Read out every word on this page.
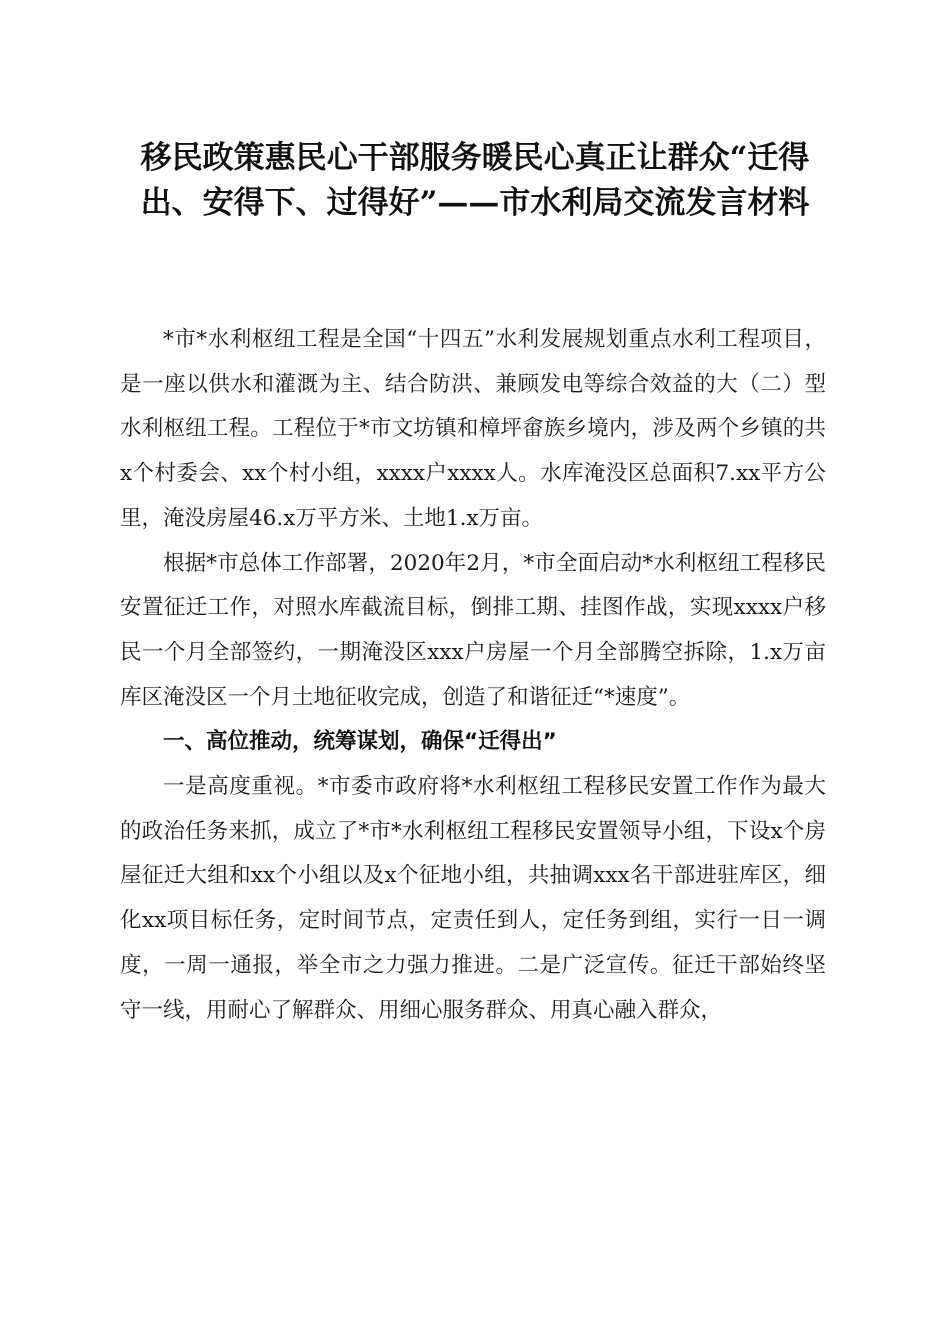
移民政策惠民心干部服务暖民心真正让群众“迁得出、安得下、过得好”——市水利局交流发言材料

*市*水利枢纽工程是全国“十四五”水利发展规划重点水利工程项目，是一座以供水和灌溉为主、结合防洪、兼顾发电等综合效益的大（二）型水利枢纽工程。工程位于*市文坊镇和樟坪畲族乡境内，涉及两个乡镇的共x个村委会、xx个村小组，xxxx户xxxx人。水库淹没区总面积7.xx平方公里，淹没房屋46.x万平方米、土地1.x万亩。

根据*市总体工作部署，2020年2月，*市全面启动*水利枢纽工程移民安置征迁工作，对照水库截流目标，倒排工期、挂图作战，实现xxxx户移民一个月全部签约，一期淹没区xxx户房屋一个月全部腾空拆除，1.x万亩库区淹没区一个月土地征收完成，创造了和谐征迁“*速度”。

一、高位推动，统筹谋划，确保“迁得出”

一是高度重视。*市委市政府将*水利枢纽工程移民安置工作作为最大的政治任务来抓，成立了*市*水利枢纽工程移民安置领导小组，下设x个房屋征迁大组和xx个小组以及x个征地小组，共抽调xxx名干部进驻库区，细化xx项目标任务，定时间节点，定责任到人，定任务到组，实行一日一调度，一周一通报，举全市之力强力推进。二是广泛宣传。征迁干部始终坚守一线，用耐心了解群众、用细心服务群众、用真心融入群众，
